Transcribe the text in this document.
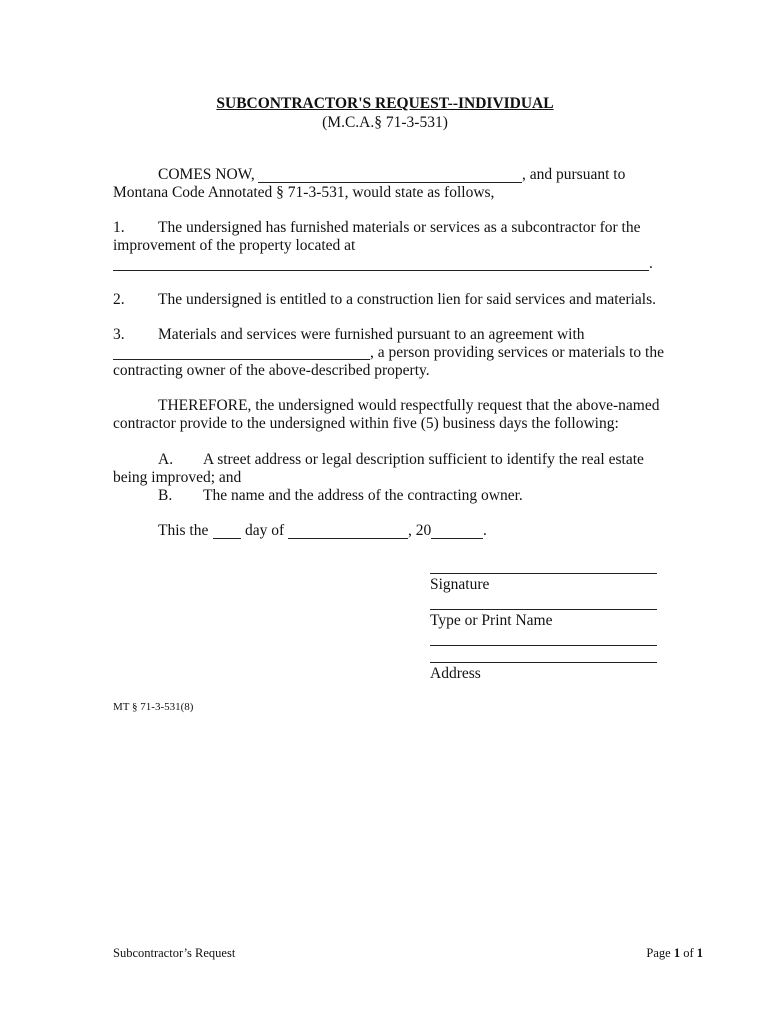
SUBCONTRACTOR'S REQUEST--INDIVIDUAL
(M.C.A.§ 71-3-531)
COMES NOW,	, and pursuant to
Montana Code Annotated § 71-3-531, would state as follows,
1. The undersigned has furnished materials or services as a subcontractor for the
improvement of the property located at
.
2. The undersigned is entitled to a construction lien for said services and materials.
3. Materials and services were furnished pursuant to an agreement with
, a person providing services or materials to the
contracting owner of the above-described property.
THEREFORE, the undersigned would respectfully request that the above-named
contractor provide to the undersigned within five (5) business days the following:
A. A street address or legal description sufficient to identify the real estate
being improved; and
B. The name and the address of the contracting owner.
This the day of	, 20	.
Signature
Type or Print Name
Address
MT § 71-3-531(8)
Subcontractor’s Request	Page 1 of 1
